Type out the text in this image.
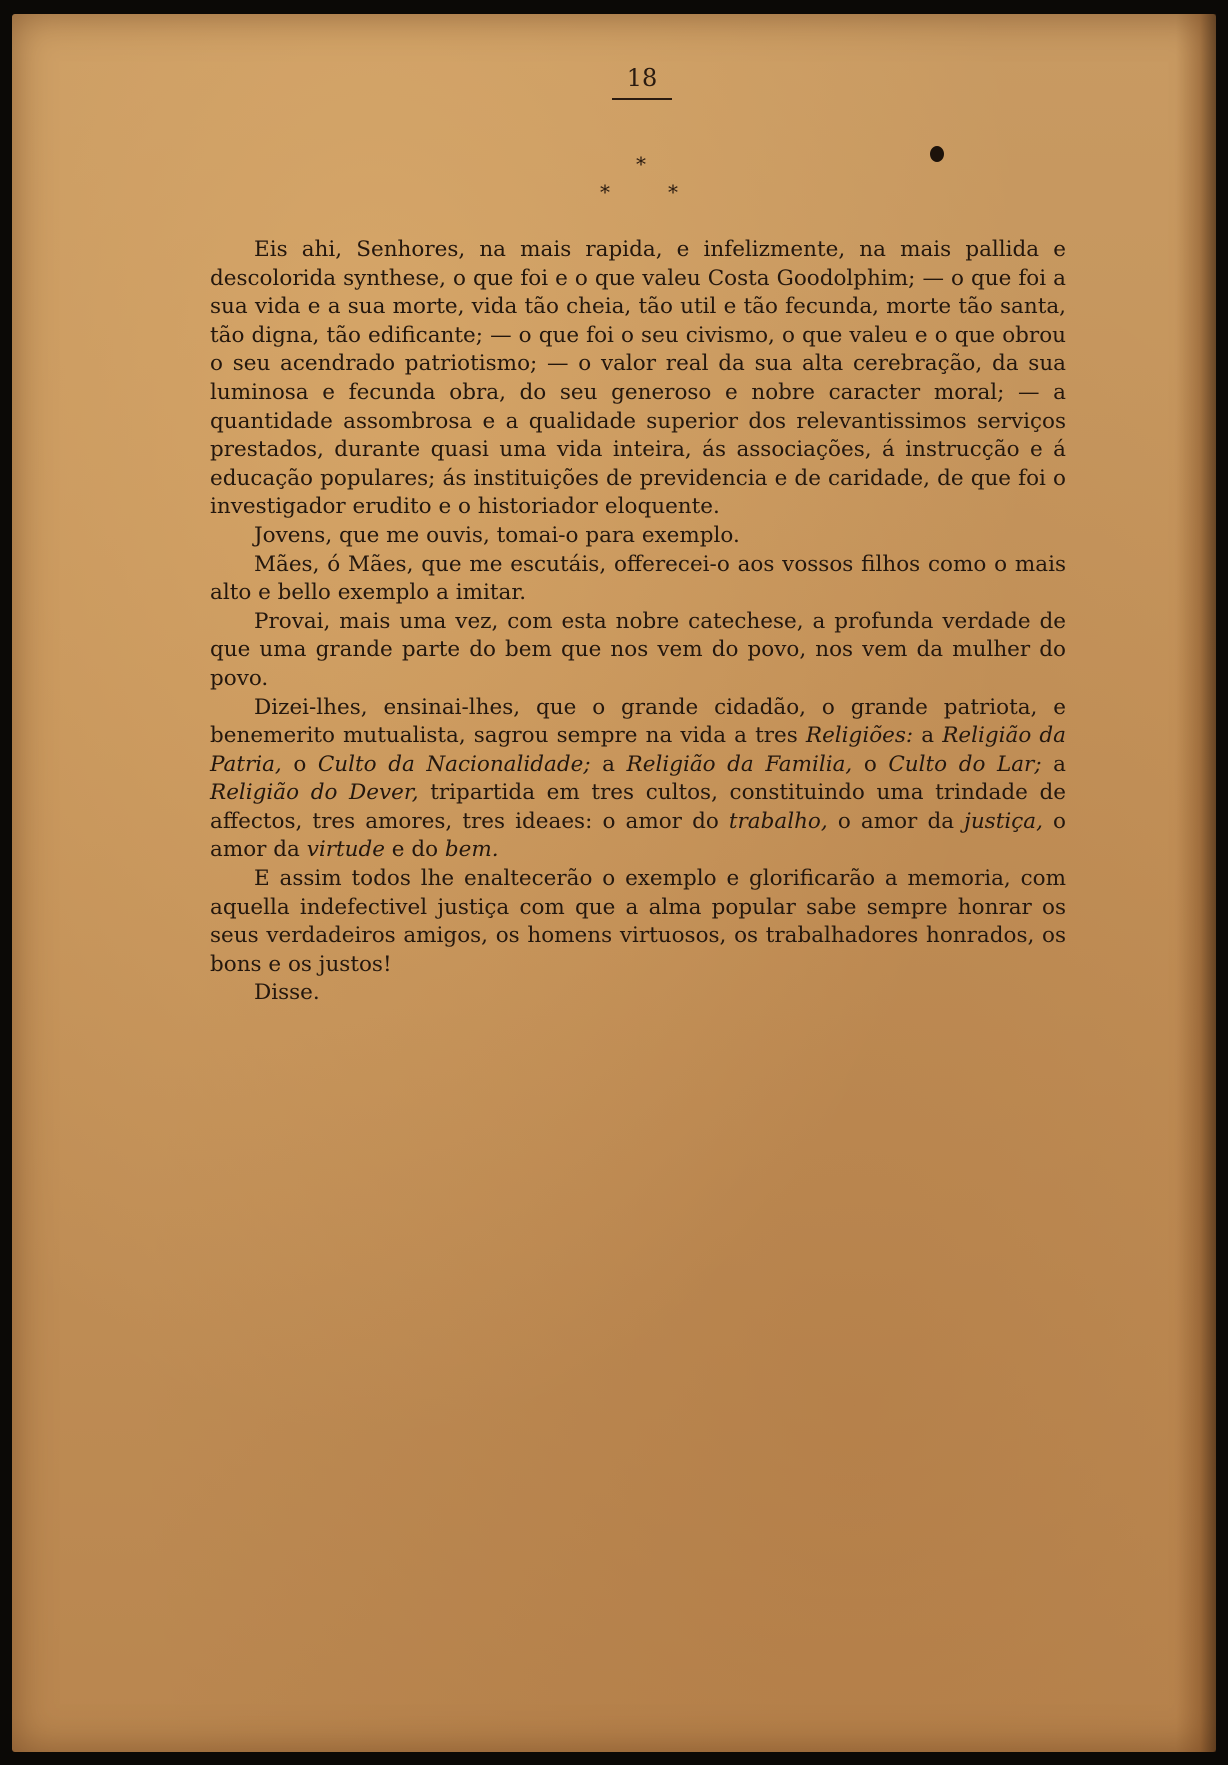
18
*
*	*

Eis ahi, Senhores, na mais rapida, e infelizmente, na mais pallida e descolorida synthese, o que foi e o que valeu Costa Goodolphim; — o que foi a sua vida e a sua morte, vida tão cheia, tão util e tão fecunda, morte tão santa, tão digna, tão edificante; — o que foi o seu civismo, o que valeu e o que obrou o seu acendrado patriotismo; — o valor real da sua alta cerebração, da sua luminosa e fecunda obra, do seu generoso e nobre caracter moral; — a quantidade assombrosa e a qualidade superior dos relevantissimos serviços prestados, durante quasi uma vida inteira, ás associações, á instrucção e á educação populares; ás instituições de previdencia e de caridade, de que foi o investigador erudito e o historiador eloquente.

Jovens, que me ouvis, tomai-o para exemplo.

Mães, ó Mães, que me escutáis, offerecei-o aos vossos filhos como o mais alto e bello exemplo a imitar.

Provai, mais uma vez, com esta nobre catechese, a profunda verdade de que uma grande parte do bem que nos vem do povo, nos vem da mulher do povo.

Dizei-lhes, ensinai-lhes, que o grande cidadão, o grande patriota, e benemerito mutualista, sagrou sempre na vida a tres Religiões: a Religião da Patria, o Culto da Nacionalidade; a Religião da Familia, o Culto do Lar; a Religião do Dever, tripartida em tres cultos, constituindo uma trindade de affectos, tres amores, tres ideaes: o amor do trabalho, o amor da justiça, o amor da virtude e do bem.

E assim todos lhe enaltecerão o exemplo e glorificarão a memoria, com aquella indefectivel justiça com que a alma popular sabe sempre honrar os seus verdadeiros amigos, os homens virtuosos, os trabalhadores honrados, os bons e os justos!

Disse.
